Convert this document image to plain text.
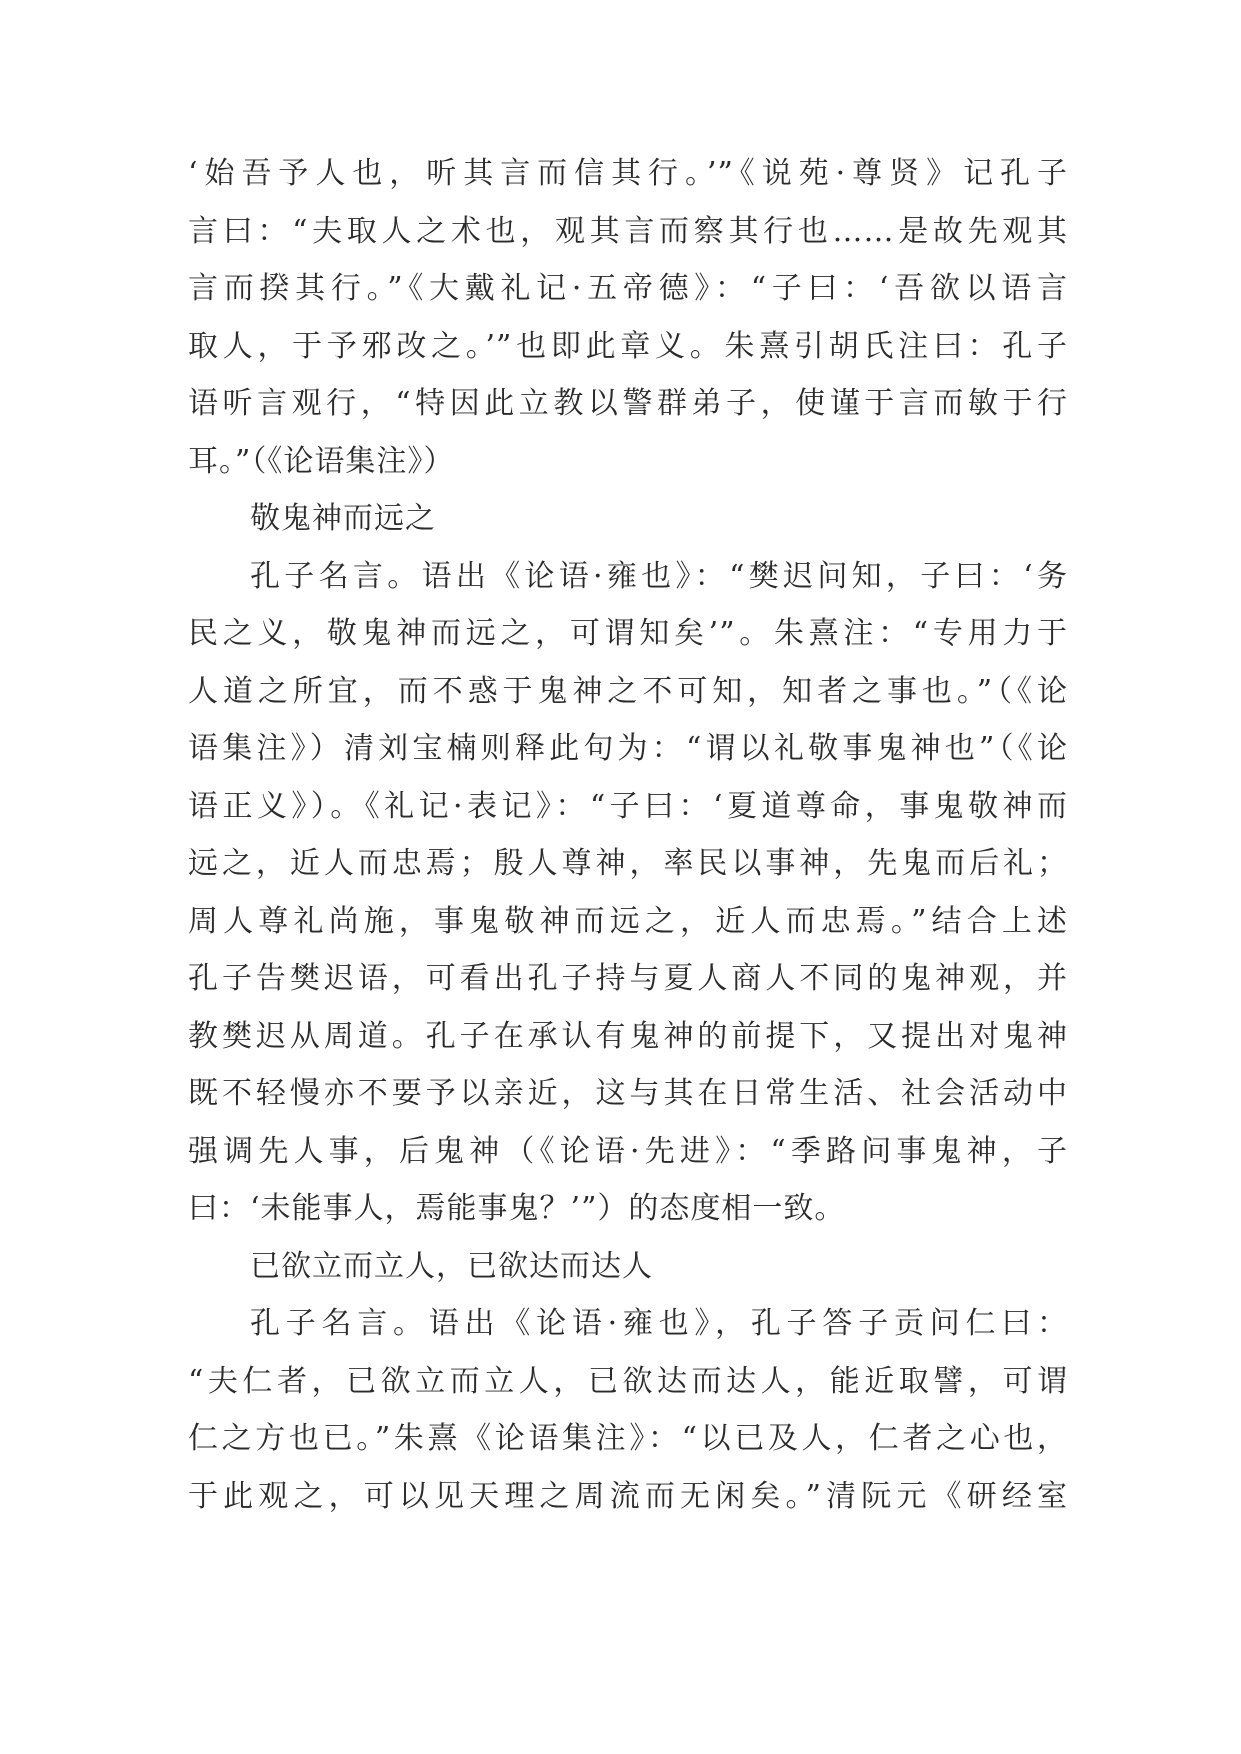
‘始吾予人也，听其言而信其行。’”《说苑·尊贤》记孔子
言曰：“夫取人之术也，观其言而察其行也……是故先观其
言而揆其行。”《大戴礼记·五帝德》：“子曰：‘吾欲以语言
取人，于予邪改之。’”也即此章义。朱熹引胡氏注曰：孔子
语听言观行，“特因此立教以警群弟子，使谨于言而敏于行
耳。”（《论语集注》）
敬鬼神而远之
孔子名言。语出《论语·雍也》：“樊迟问知，子曰：‘务
民之义，敬鬼神而远之，可谓知矣’”。朱熹注：“专用力于
人道之所宜，而不惑于鬼神之不可知，知者之事也。”（《论
语集注》）清刘宝楠则释此句为：“谓以礼敬事鬼神也”（《论
语正义》）。《礼记·表记》：“子曰：‘夏道尊命，事鬼敬神而
远之，近人而忠焉；殷人尊神，率民以事神，先鬼而后礼；
周人尊礼尚施，事鬼敬神而远之，近人而忠焉。”结合上述
孔子告樊迟语，可看出孔子持与夏人商人不同的鬼神观，并
教樊迟从周道。孔子在承认有鬼神的前提下，又提出对鬼神
既不轻慢亦不要予以亲近，这与其在日常生活、社会活动中
强调先人事，后鬼神（《论语·先进》：“季路问事鬼神，子
曰：‘未能事人，焉能事鬼？’”）的态度相一致。
已欲立而立人，已欲达而达人
孔子名言。语出《论语·雍也》，孔子答子贡问仁曰：
“夫仁者，已欲立而立人，已欲达而达人，能近取譬，可谓
仁之方也已。”朱熹《论语集注》：“以已及人，仁者之心也，
于此观之，可以见天理之周流而无闲矣。”清阮元《研经室
